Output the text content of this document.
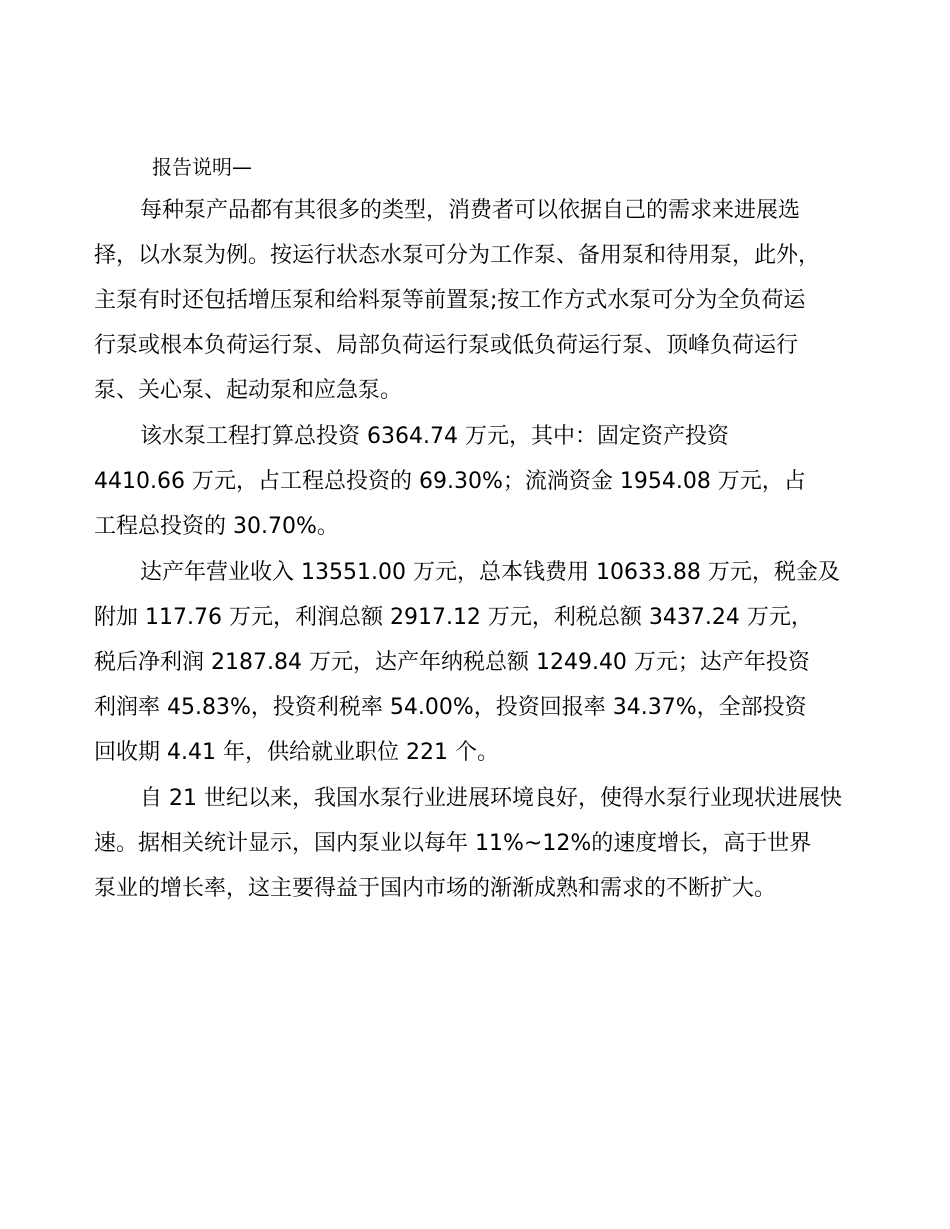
报告说明—
每种泵产品都有其很多的类型，消费者可以依据自己的需求来进展选
择，以水泵为例。按运行状态水泵可分为工作泵、备用泵和待用泵，此外，
主泵有时还包括增压泵和给料泵等前置泵;按工作方式水泵可分为全负荷运
行泵或根本负荷运行泵、局部负荷运行泵或低负荷运行泵、顶峰负荷运行
泵、关心泵、起动泵和应急泵。
该水泵工程打算总投资 6364.74 万元，其中：固定资产投资
4410.66 万元，占工程总投资的 69.30%；流淌资金 1954.08 万元，占
工程总投资的 30.70%。
达产年营业收入 13551.00 万元，总本钱费用 10633.88 万元，税金及
附加 117.76 万元，利润总额 2917.12 万元，利税总额 3437.24 万元，
税后净利润 2187.84 万元，达产年纳税总额 1249.40 万元；达产年投资
利润率 45.83%，投资利税率 54.00%，投资回报率 34.37%，全部投资
回收期 4.41 年，供给就业职位 221 个。
自 21 世纪以来，我国水泵行业进展环境良好，使得水泵行业现状进展快
速。据相关统计显示，国内泵业以每年 11%~12%的速度增长，高于世界
泵业的增长率，这主要得益于国内市场的渐渐成熟和需求的不断扩大。
